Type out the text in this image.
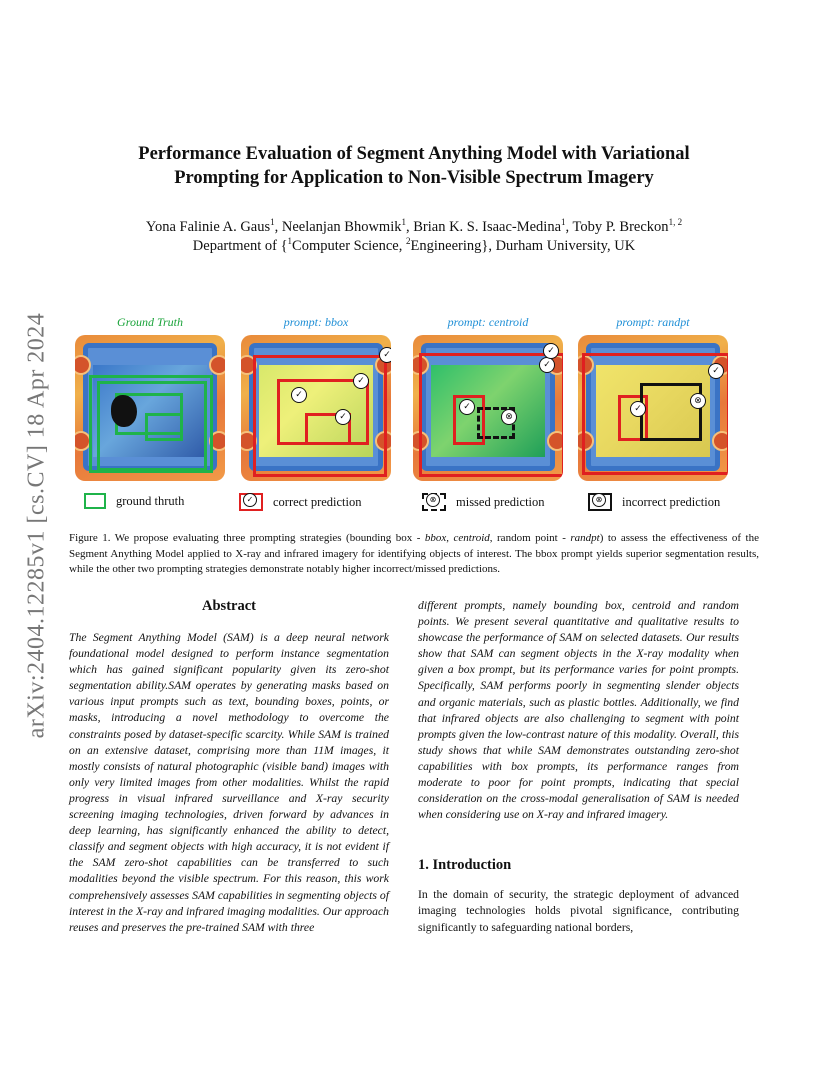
arXiv:2404.12285v1 [cs.CV] 18 Apr 2024
Performance Evaluation of Segment Anything Model with Variational
Prompting for Application to Non-Visible Spectrum Imagery
Yona Falinie A. Gaus$^1$, Neelanjan Bhowmik$^1$, Brian K. S. Isaac-Medina$^1$, Toby P. Breckon$^{1, 2}$
Department of {$^1$Computer Science, $^2$Engineering}, Durham University, UK
Ground Truth	prompt: bbox	prompt: centroid	prompt: randpt
✓
✓
✓
✓
✓
✓
✓
⊗
✓
⊗
✓
ground thruth	✓ correct prediction	⊗ missed prediction	⊗ incorrect prediction
Figure 1. We propose evaluating three prompting strategies (bounding box - bbox, centroid, random point - randpt) to assess the effectiveness of the Segment Anything Model applied to X-ray and infrared imagery for identifying objects of interest. The bbox prompt yields superior segmentation results, while the other two prompting strategies demonstrate notably higher incorrect/missed predictions.
Abstract

The Segment Anything Model (SAM) is a deep neural network foundational model designed to perform instance segmentation which has gained significant popularity given its zero-shot segmentation ability.SAM operates by generating masks based on various input prompts such as text, bounding boxes, points, or masks, introducing a novel methodology to overcome the constraints posed by dataset-specific scarcity. While SAM is trained on an extensive dataset, comprising more than 11M images, it mostly consists of natural photographic (visible band) images with only very limited images from other modalities. Whilst the rapid progress in visual infrared surveillance and X-ray security screening imaging technologies, driven forward by advances in deep learning, has significantly enhanced the ability to detect, classify and segment objects with high accuracy, it is not evident if the SAM zero-shot capabilities can be transferred to such modalities beyond the visible spectrum. For this reason, this work comprehensively assesses SAM capabilities in segmenting objects of interest in the X-ray and infrared imaging modalities. Our approach reuses and preserves the pre-trained SAM with three

different prompts, namely bounding box, centroid and random points. We present several quantitative and qualitative results to showcase the performance of SAM on selected datasets. Our results show that SAM can segment objects in the X-ray modality when given a box prompt, but its performance varies for point prompts. Specifically, SAM performs poorly in segmenting slender objects and organic materials, such as plastic bottles. Additionally, we find that infrared objects are also challenging to segment with point prompts given the low-contrast nature of this modality. Overall, this study shows that while SAM demonstrates outstanding zero-shot capabilities with box prompts, its performance ranges from moderate to poor for point prompts, indicating that special consideration on the cross-modal generalisation of SAM is needed when considering use on X-ray and infrared imagery.

1. Introduction

In the domain of security, the strategic deployment of advanced imaging technologies holds pivotal significance, contributing significantly to safeguarding national borders,
